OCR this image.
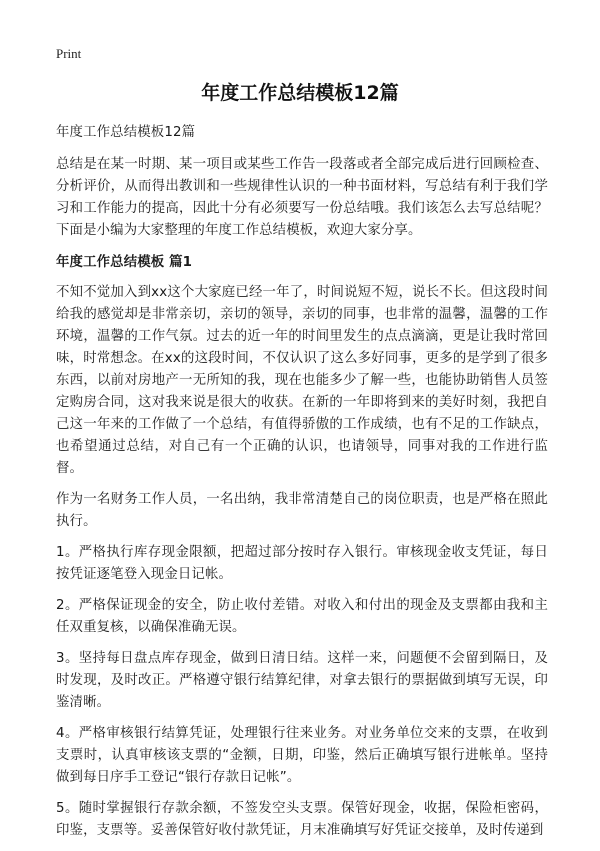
Print
年度工作总结模板12篇

年度工作总结模板12篇

总结是在某一时期、某一项目或某些工作告一段落或者全部完成后进行回顾检查、分析评价，从而得出教训和一些规律性认识的一种书面材料，写总结有利于我们学习和工作能力的提高，因此十分有必须要写一份总结哦。我们该怎么去写总结呢？下面是小编为大家整理的年度工作总结模板，欢迎大家分享。

年度工作总结模板 篇1

不知不觉加入到xx这个大家庭已经一年了，时间说短不短，说长不长。但这段时间给我的感觉却是非常亲切，亲切的领导，亲切的同事，也非常的温馨，温馨的工作环境，温馨的工作气氛。过去的近一年的时间里发生的点点滴滴，更是让我时常回味，时常想念。在xx的这段时间，不仅认识了这么多好同事，更多的是学到了很多东西，以前对房地产一无所知的我，现在也能多少了解一些，也能协助销售人员签定购房合同，这对我来说是很大的收获。在新的一年即将到来的美好时刻，我把自己这一年来的工作做了一个总结，有值得骄傲的工作成绩，也有不足的工作缺点，也希望通过总结，对自己有一个正确的认识，也请领导，同事对我的工作进行监督。

作为一名财务工作人员，一名出纳，我非常清楚自己的岗位职责，也是严格在照此执行。

1。严格执行库存现金限额，把超过部分按时存入银行。审核现金收支凭证，每日按凭证逐笔登入现金日记帐。

2。严格保证现金的安全，防止收付差错。对收入和付出的现金及支票都由我和主任双重复核，以确保准确无误。

3。坚持每日盘点库存现金，做到日清日结。这样一来，问题便不会留到隔日，及时发现，及时改正。严格遵守银行结算纪律，对拿去银行的票据做到填写无误，印鉴清晰。

4。严格审核银行结算凭证，处理银行往来业务。对业务单位交来的支票，在收到支票时，认真审核该支票的“金额，日期，印鉴，然后正确填写银行进帐单。坚持做到每日序手工登记“银行存款日记帐”。

5。随时掌握银行存款余额，不签发空头支票。保管好现金，收据，保险柜密码，印鉴，支票等。妥善保管好收付款凭证，月末准确填写好凭证交接单，及时传递到
